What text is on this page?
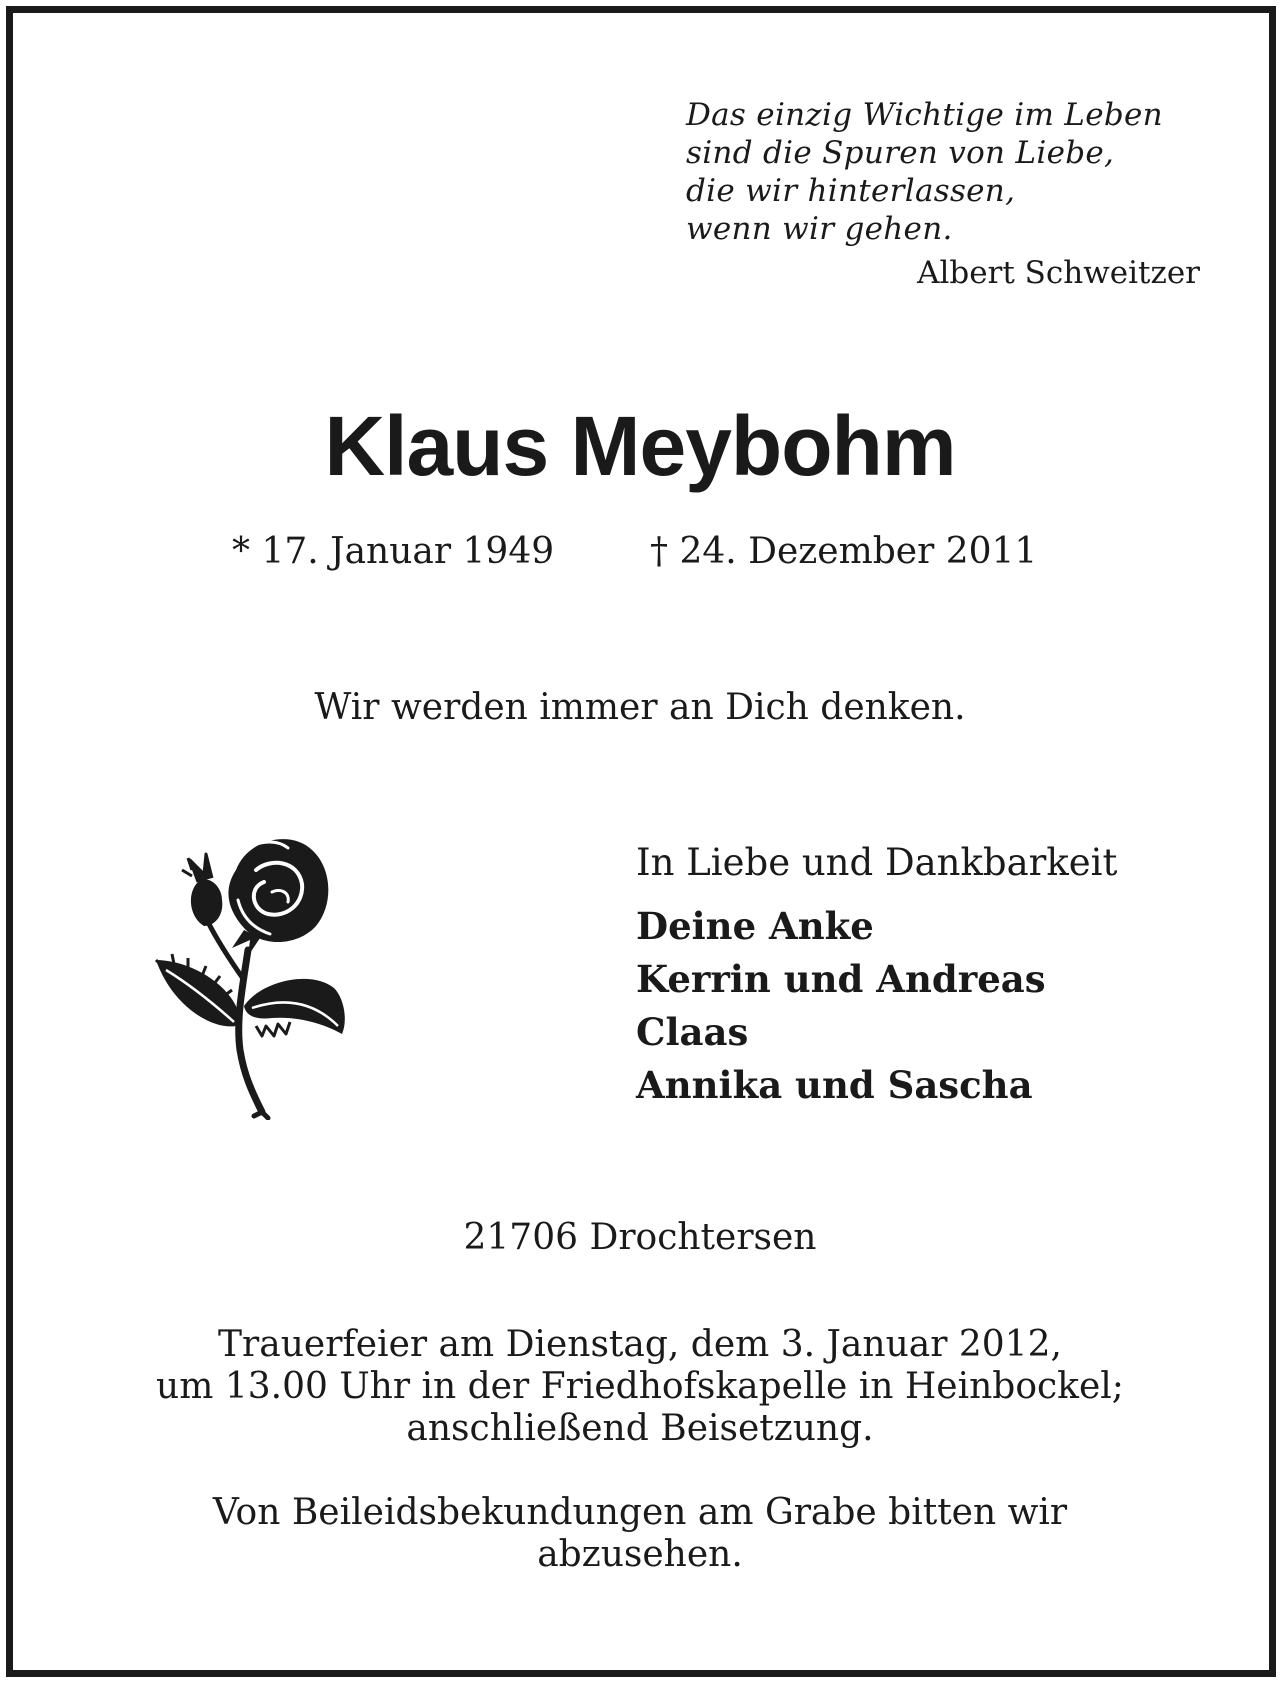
Das einzig Wichtige im Leben
sind die Spuren von Liebe,
die wir hinterlassen,
wenn wir gehen.
Albert Schweitzer
Klaus Meybohm
* 17. Januar 1949	† 24. Dezember 2011
Wir werden immer an Dich denken.
In Liebe und Dankbarkeit
Deine Anke
Kerrin und Andreas
Claas
Annika und Sascha
21706 Drochtersen
Trauerfeier am Dienstag, dem 3. Januar 2012,
um 13.00 Uhr in der Friedhofskapelle in Heinbockel;
anschließend Beisetzung.
Von Beileidsbekundungen am Grabe bitten wir
abzusehen.
